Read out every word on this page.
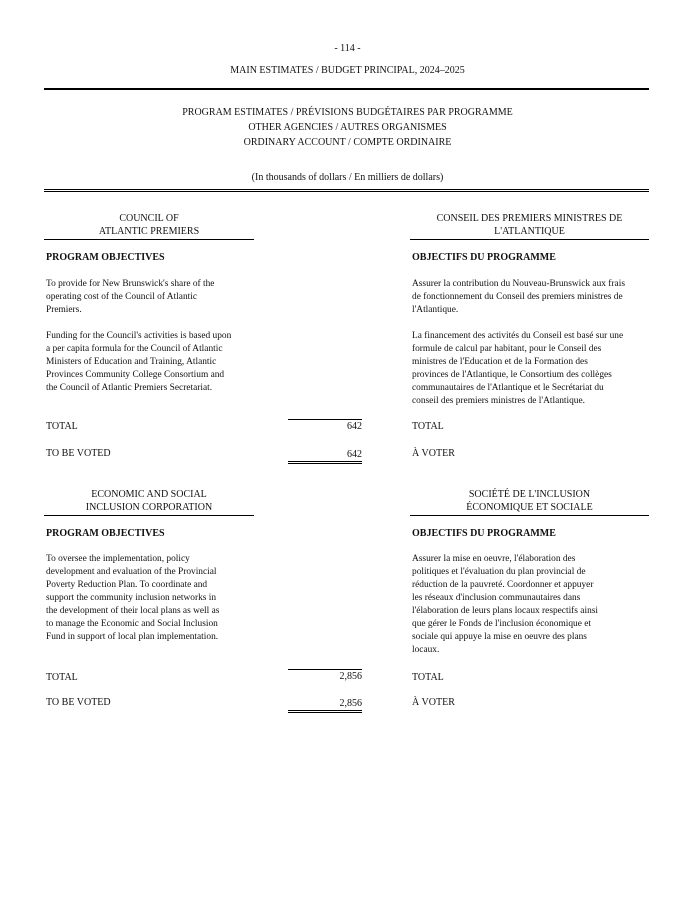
- 114 -
MAIN ESTIMATES / BUDGET PRINCIPAL, 2024–2025
PROGRAM ESTIMATES / PRÉVISIONS BUDGÉTAIRES PAR PROGRAMME
OTHER AGENCIES / AUTRES ORGANISMES
ORDINARY ACCOUNT / COMPTE ORDINAIRE
(In thousands of dollars / En milliers de dollars)
COUNCIL OF
ATLANTIC PREMIERS
CONSEIL DES PREMIERS MINISTRES DE
L'ATLANTIQUE
PROGRAM OBJECTIVES	OBJECTIFS DU PROGRAMME
To provide for New Brunswick's share of the
operating cost of the Council of Atlantic
Premiers.
Funding for the Council's activities is based upon
a per capita formula for the Council of Atlantic
Ministers of Education and Training, Atlantic
Provinces Community College Consortium and
the Council of Atlantic Premiers Secretariat.
Assurer la contribution du Nouveau-Brunswick aux frais
de fonctionnement du Conseil des premiers ministres de
l'Atlantique.
La financement des activités du Conseil est basé sur une
formule de calcul par habitant, pour le Conseil des
ministres de l'Education et de la Formation des
provinces de l'Atlantique, le Consortium des collèges
communautaires de l'Atlantique et le Secrétariat du
conseil des premiers ministres de l'Atlantique.
TOTAL	642	TOTAL
TO BE VOTED	642	À VOTER
ECONOMIC AND SOCIAL
INCLUSION CORPORATION
SOCIÉTÉ DE L'INCLUSION
ÉCONOMIQUE ET SOCIALE
PROGRAM OBJECTIVES	OBJECTIFS DU PROGRAMME
To oversee the implementation, policy
development and evaluation of the Provincial
Poverty Reduction Plan. To coordinate and
support the community inclusion networks in
the development of their local plans as well as
to manage the Economic and Social Inclusion
Fund in support of local plan implementation.
Assurer la mise en oeuvre, l'élaboration des
politiques et l'évaluation du plan provincial de
réduction de la pauvreté. Coordonner et appuyer
les réseaux d'inclusion communautaires dans
l'élaboration de leurs plans locaux respectifs ainsi
que gérer le Fonds de l'inclusion économique et
sociale qui appuye la mise en oeuvre des plans
locaux.
TOTAL	2,856	TOTAL
TO BE VOTED	2,856	À VOTER
